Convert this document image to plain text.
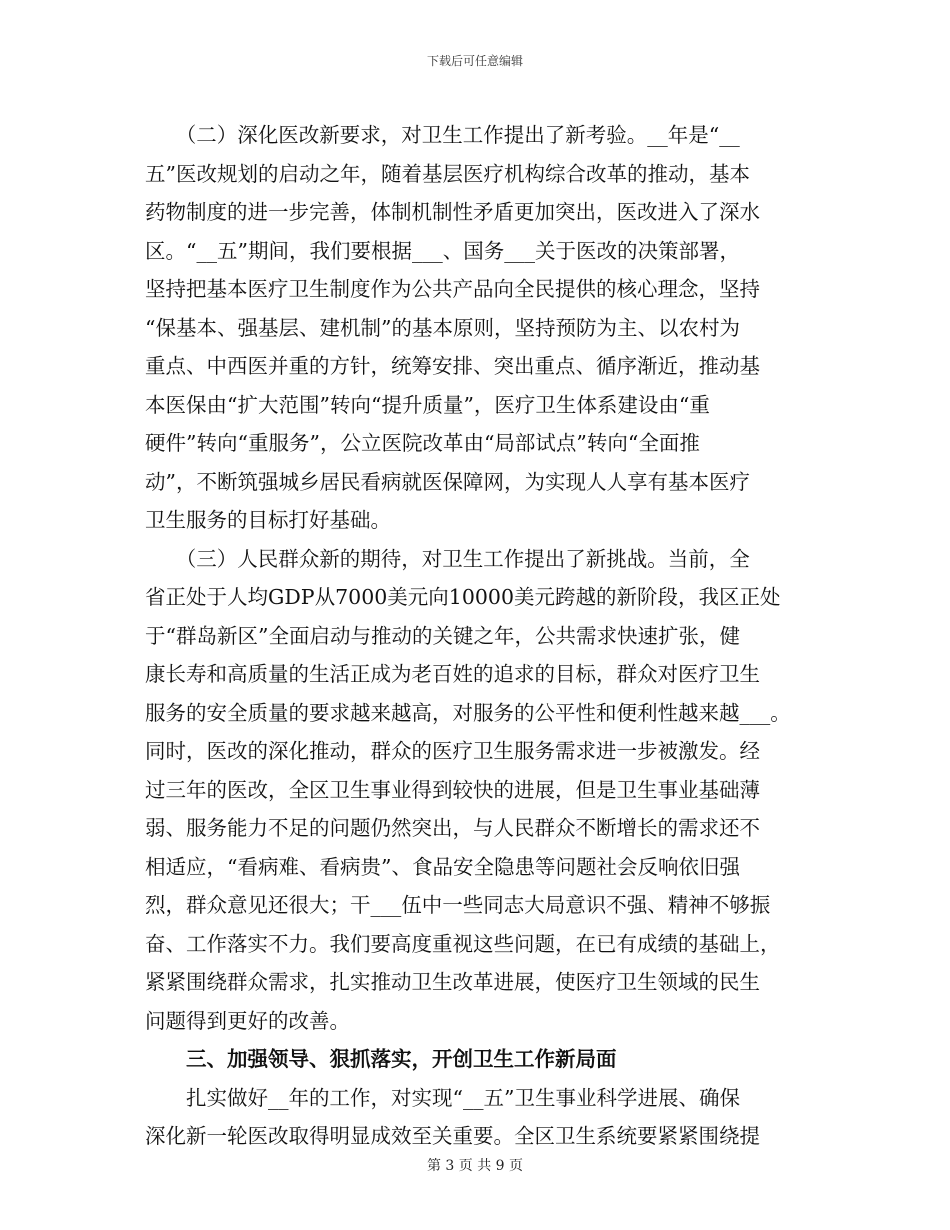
下载后可任意编辑
　　（二）深化医改新要求，对卫生工作提出了新考验。__年是“__
五”医改规划的启动之年，随着基层医疗机构综合改革的推动，基本
药物制度的进一步完善，体制机制性矛盾更加突出，医改进入了深水
区。“__五”期间，我们要根据___、国务___关于医改的决策部署，
坚持把基本医疗卫生制度作为公共产品向全民提供的核心理念，坚持
“保基本、强基层、建机制”的基本原则，坚持预防为主、以农村为
重点、中西医并重的方针，统筹安排、突出重点、循序渐近，推动基
本医保由“扩大范围”转向“提升质量”，医疗卫生体系建设由“重
硬件”转向“重服务”，公立医院改革由“局部试点”转向“全面推
动”，不断筑强城乡居民看病就医保障网，为实现人人享有基本医疗
卫生服务的目标打好基础。
　　（三）人民群众新的期待，对卫生工作提出了新挑战。当前，全
省正处于人均GDP从7000美元向10000美元跨越的新阶段，我区正处
于“群岛新区”全面启动与推动的关键之年，公共需求快速扩张，健
康长寿和高质量的生活正成为老百姓的追求的目标，群众对医疗卫生
服务的安全质量的要求越来越高，对服务的公平性和便利性越来越___。
同时，医改的深化推动，群众的医疗卫生服务需求进一步被激发。经
过三年的医改，全区卫生事业得到较快的进展，但是卫生事业基础薄
弱、服务能力不足的问题仍然突出，与人民群众不断增长的需求还不
相适应，“看病难、看病贵”、食品安全隐患等问题社会反响依旧强
烈，群众意见还很大；干___伍中一些同志大局意识不强、精神不够振
奋、工作落实不力。我们要高度重视这些问题，在已有成绩的基础上，
紧紧围绕群众需求，扎实推动卫生改革进展，使医疗卫生领域的民生
问题得到更好的改善。
　　三、加强领导、狠抓落实，开创卫生工作新局面
　　扎实做好__年的工作，对实现“__五”卫生事业科学进展、确保
深化新一轮医改取得明显成效至关重要。全区卫生系统要紧紧围绕提
第 3 页 共 9 页
